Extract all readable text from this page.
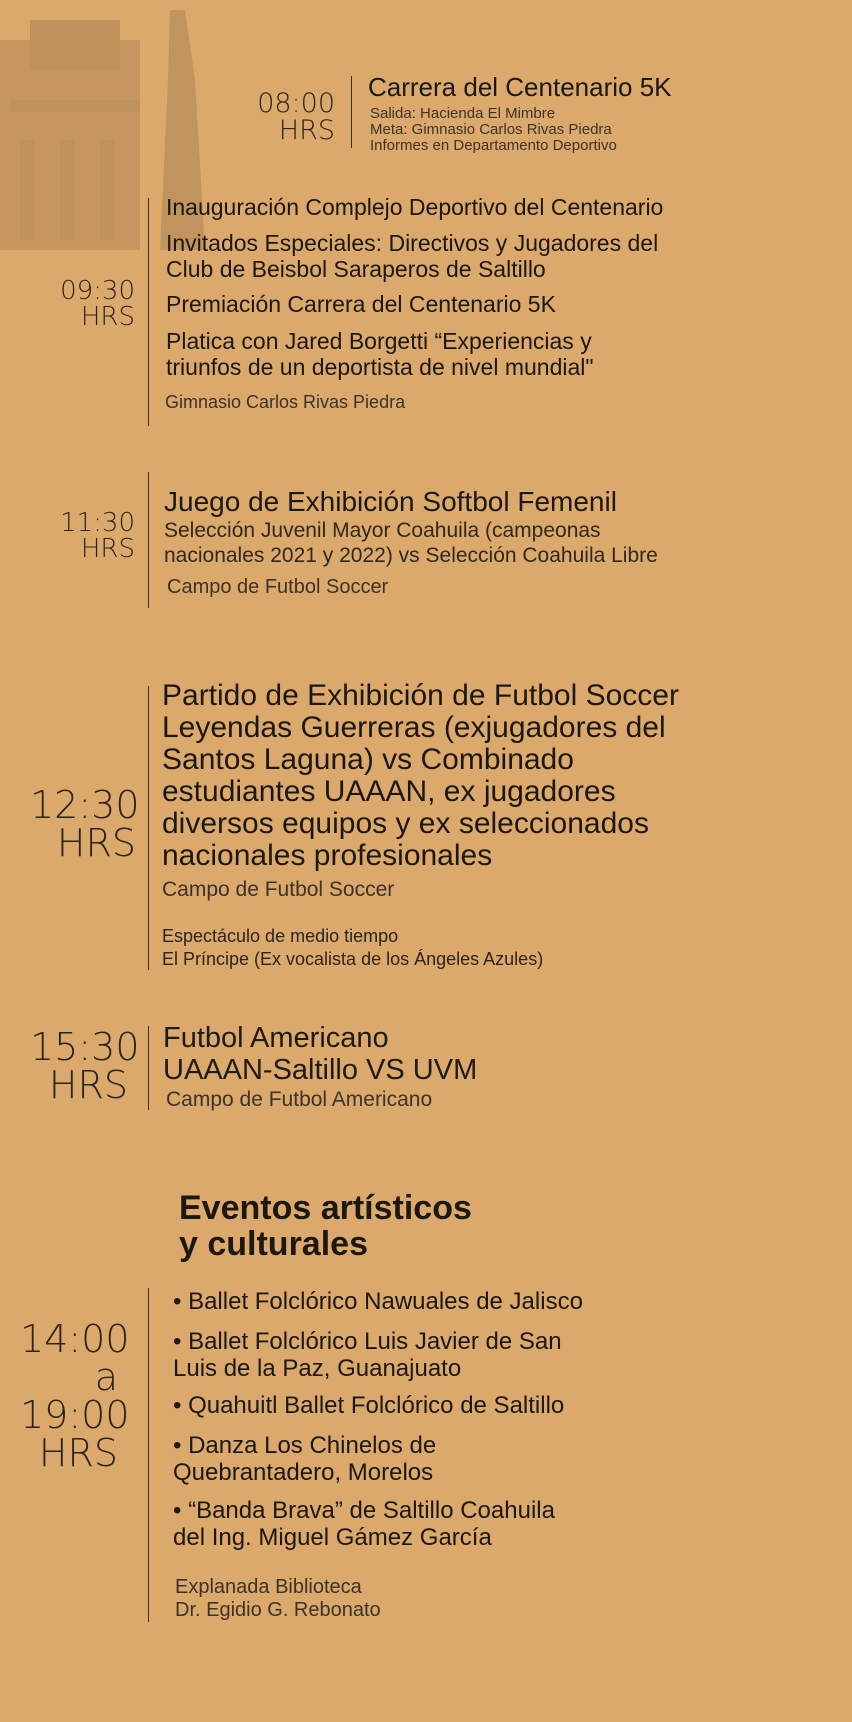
08:00
HRS
Carrera del Centenario 5K
Salida: Hacienda El Mimbre
Meta: Gimnasio Carlos Rivas Piedra
Informes en Departamento Deportivo
09:30
HRS
Inauguración Complejo Deportivo del Centenario
Invitados Especiales: Directivos y Jugadores del
Club de Beisbol Saraperos de Saltillo
Premiación Carrera del Centenario 5K
Platica con Jared Borgetti “Experiencias y
triunfos de un deportista de nivel mundial"
Gimnasio Carlos Rivas Piedra
11:30
HRS
Juego de Exhibición Softbol Femenil
Selección Juvenil Mayor Coahuila (campeonas
nacionales 2021 y 2022) vs Selección Coahuila Libre
Campo de Futbol Soccer
12:30
HRS
Partido de Exhibición de Futbol Soccer
Leyendas Guerreras (exjugadores del
Santos Laguna) vs Combinado
estudiantes UAAAN, ex jugadores
diversos equipos y ex seleccionados
nacionales profesionales
Campo de Futbol Soccer
Espectáculo de medio tiempo
El Príncipe (Ex vocalista de los Ángeles Azules)
15:30
HRS
Futbol Americano
UAAAN-Saltillo VS UVM
Campo de Futbol Americano
Eventos artísticos
y culturales
14:00
a
19:00
HRS
• Ballet Folclórico Nawuales de Jalisco
• Ballet Folclórico Luis Javier de San
Luis de la Paz, Guanajuato
• Quahuitl Ballet Folclórico de Saltillo
• Danza Los Chinelos de
Quebrantadero, Morelos
• “Banda Brava” de Saltillo Coahuila
del Ing. Miguel Gámez García
Explanada Biblioteca
Dr. Egidio G. Rebonato
